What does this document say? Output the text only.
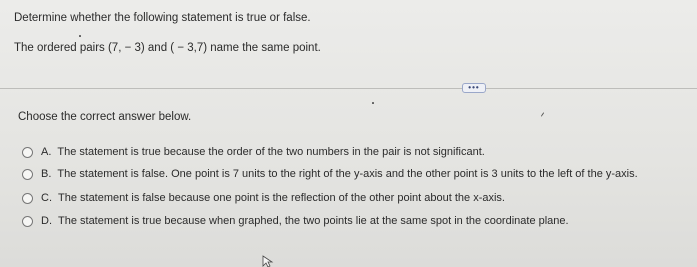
Determine whether the following statement is true or false.
The ordered pairs (7, − 3) and ( − 3,7) name the same point.
•••
Choose the correct answer below.
A. The statement is true because the order of the two numbers in the pair is not significant.
B. The statement is false. One point is 7 units to the right of the y-axis and the other point is 3 units to the left of the y-axis.
C. The statement is false because one point is the reflection of the other point about the x-axis.
D. The statement is true because when graphed, the two points lie at the same spot in the coordinate plane.
